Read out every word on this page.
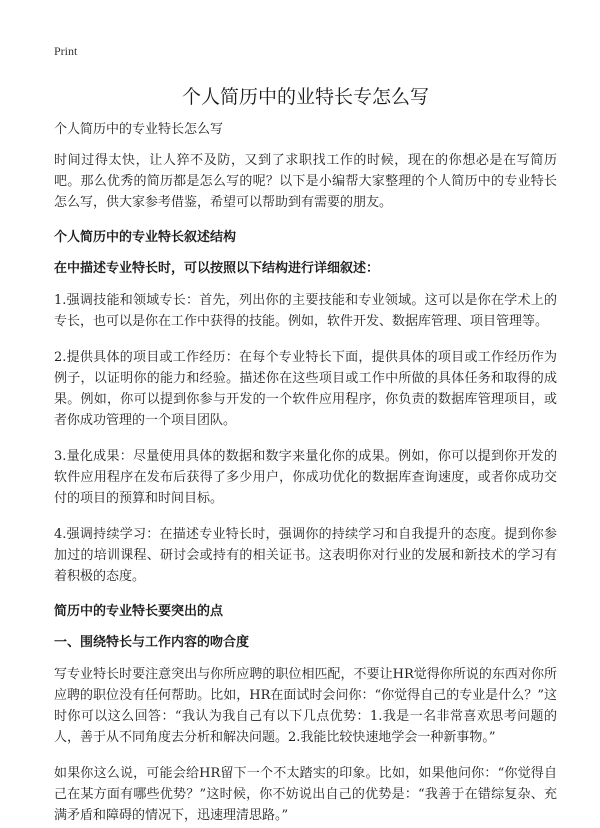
Print
个人简历中的业特长专怎么写
个人简历中的专业特长怎么写

时间过得太快，让人猝不及防，又到了求职找工作的时候，现在的你想必是在写简历吧。那么优秀的简历都是怎么写的呢？以下是小编帮大家整理的个人简历中的专业特长怎么写，供大家参考借鉴，希望可以帮助到有需要的朋友。

个人简历中的专业特长叙述结构
在中描述专业特长时，可以按照以下结构进行详细叙述：

1.强调技能和领域专长：首先，列出你的主要技能和专业领域。这可以是你在学术上的专长，也可以是你在工作中获得的技能。例如，软件开发、数据库管理、项目管理等。

2.提供具体的项目或工作经历：在每个专业特长下面，提供具体的项目或工作经历作为例子，以证明你的能力和经验。描述你在这些项目或工作中所做的具体任务和取得的成果。例如，你可以提到你参与开发的一个软件应用程序，你负责的数据库管理项目，或者你成功管理的一个项目团队。

3.量化成果：尽量使用具体的数据和数字来量化你的成果。例如，你可以提到你开发的软件应用程序在发布后获得了多少用户，你成功优化的数据库查询速度，或者你成功交付的项目的预算和时间目标。

4.强调持续学习：在描述专业特长时，强调你的持续学习和自我提升的态度。提到你参加过的培训课程、研讨会或持有的相关证书。这表明你对行业的发展和新技术的学习有着积极的态度。

简历中的专业特长要突出的点
一、围绕特长与工作内容的吻合度

写专业特长时要注意突出与你所应聘的职位相匹配，不要让HR觉得你所说的东西对你所应聘的职位没有任何帮助。比如，HR在面试时会问你：“你觉得自己的专业是什么？”这时你可以这么回答：“我认为我自己有以下几点优势：1.我是一名非常喜欢思考问题的人，善于从不同角度去分析和解决问题。2.我能比较快速地学会一种新事物。”

如果你这么说，可能会给HR留下一个不太踏实的印象。比如，如果他问你：“你觉得自己在某方面有哪些优势？”这时候，你不妨说出自己的优势是：“我善于在错综复杂、充满矛盾和障碍的情况下，迅速理清思路。”
